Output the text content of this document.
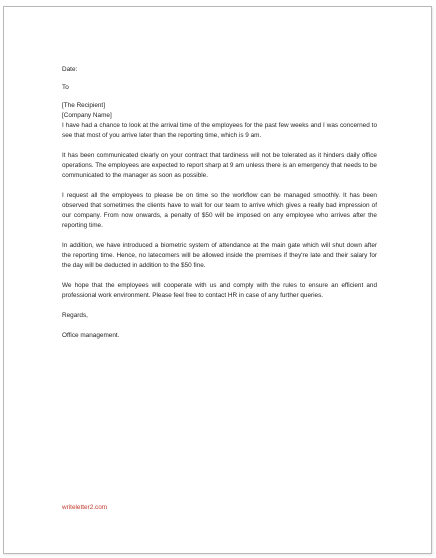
Date:

To

[The Recipient]

[Company Name]

I have had a chance to look at the arrival time of the employees for the past few weeks and I was concerned to see that most of you arrive later than the reporting time, which is 9 am.

It has been communicated clearly on your contract that tardiness will not be tolerated as it hinders daily office operations. The employees are expected to report sharp at 9 am unless there is an emergency that needs to be communicated to the manager as soon as possible.

I request all the employees to please be on time so the workflow can be managed smoothly. It has been observed that sometimes the clients have to wait for our team to arrive which gives a really bad impression of our company. From now onwards, a penalty of $50 will be imposed on any employee who arrives after the reporting time.

In addition, we have introduced a biometric system of attendance at the main gate which will shut down after the reporting time. Hence, no latecomers will be allowed inside the premises if they're late and their salary for the day will be deducted in addition to the $50 fine.

We hope that the employees will cooperate with us and comply with the rules to ensure an efficient and professional work environment. Please feel free to contact HR in case of any further queries.

Regards,

Office management.

writeletter2.com
